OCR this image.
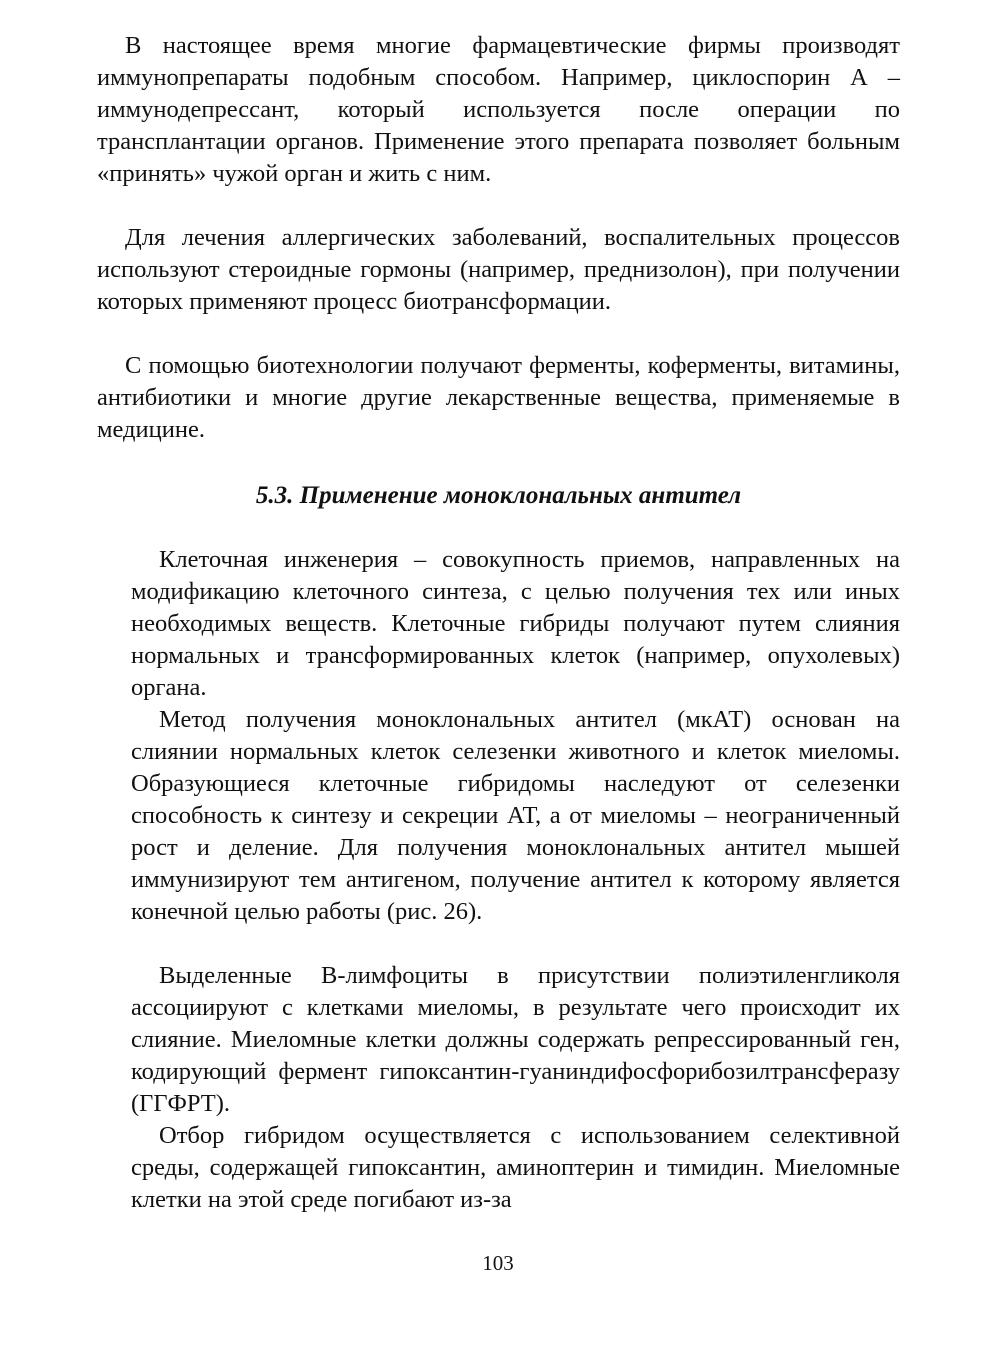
В настоящее время многие фармацевтические фирмы производят иммунопрепараты подобным способом. Например, циклоспорин А – иммунодепрессант, который используется после операции по трансплантации органов. Применение этого препарата позволяет больным «принять» чужой орган и жить с ним.

Для лечения аллергических заболеваний, воспалительных процессов используют стероидные гормоны (например, преднизолон), при получении которых применяют процесс биотрансформации.

С помощью биотехнологии получают ферменты, коферменты, витамины, антибиотики и многие другие лекарственные вещества, применяемые в медицине.

5.3. Применение моноклональных антител

Клеточная инженерия – совокупность приемов, направленных на модификацию клеточного синтеза, с целью получения тех или иных необходимых веществ. Клеточные гибриды получают путем слияния нормальных и трансформированных клеток (например, опухолевых) органа.

Метод получения моноклональных антител (мкАТ) основан на слиянии нормальных клеток селезенки животного и клеток миеломы. Образующиеся клеточные гибридомы наследуют от селезенки способность к синтезу и секреции АТ, а от миеломы – неограниченный рост и деление. Для получения моноклональных антител мышей иммунизируют тем антигеном, получение антител к которому является конечной целью работы (рис. 26).

Выделенные В-лимфоциты в присутствии полиэтиленгликоля ассоциируют с клетками миеломы, в результате чего происходит их слияние. Миеломные клетки должны содержать репрессированный ген, кодирующий фермент гипоксантин-гуаниндифосфорибозилтрансферазу (ГГФРТ).

Отбор гибридом осуществляется с использованием селективной среды, содержащей гипоксантин, аминоптерин и тимидин. Миеломные клетки на этой среде погибают из-за

103
